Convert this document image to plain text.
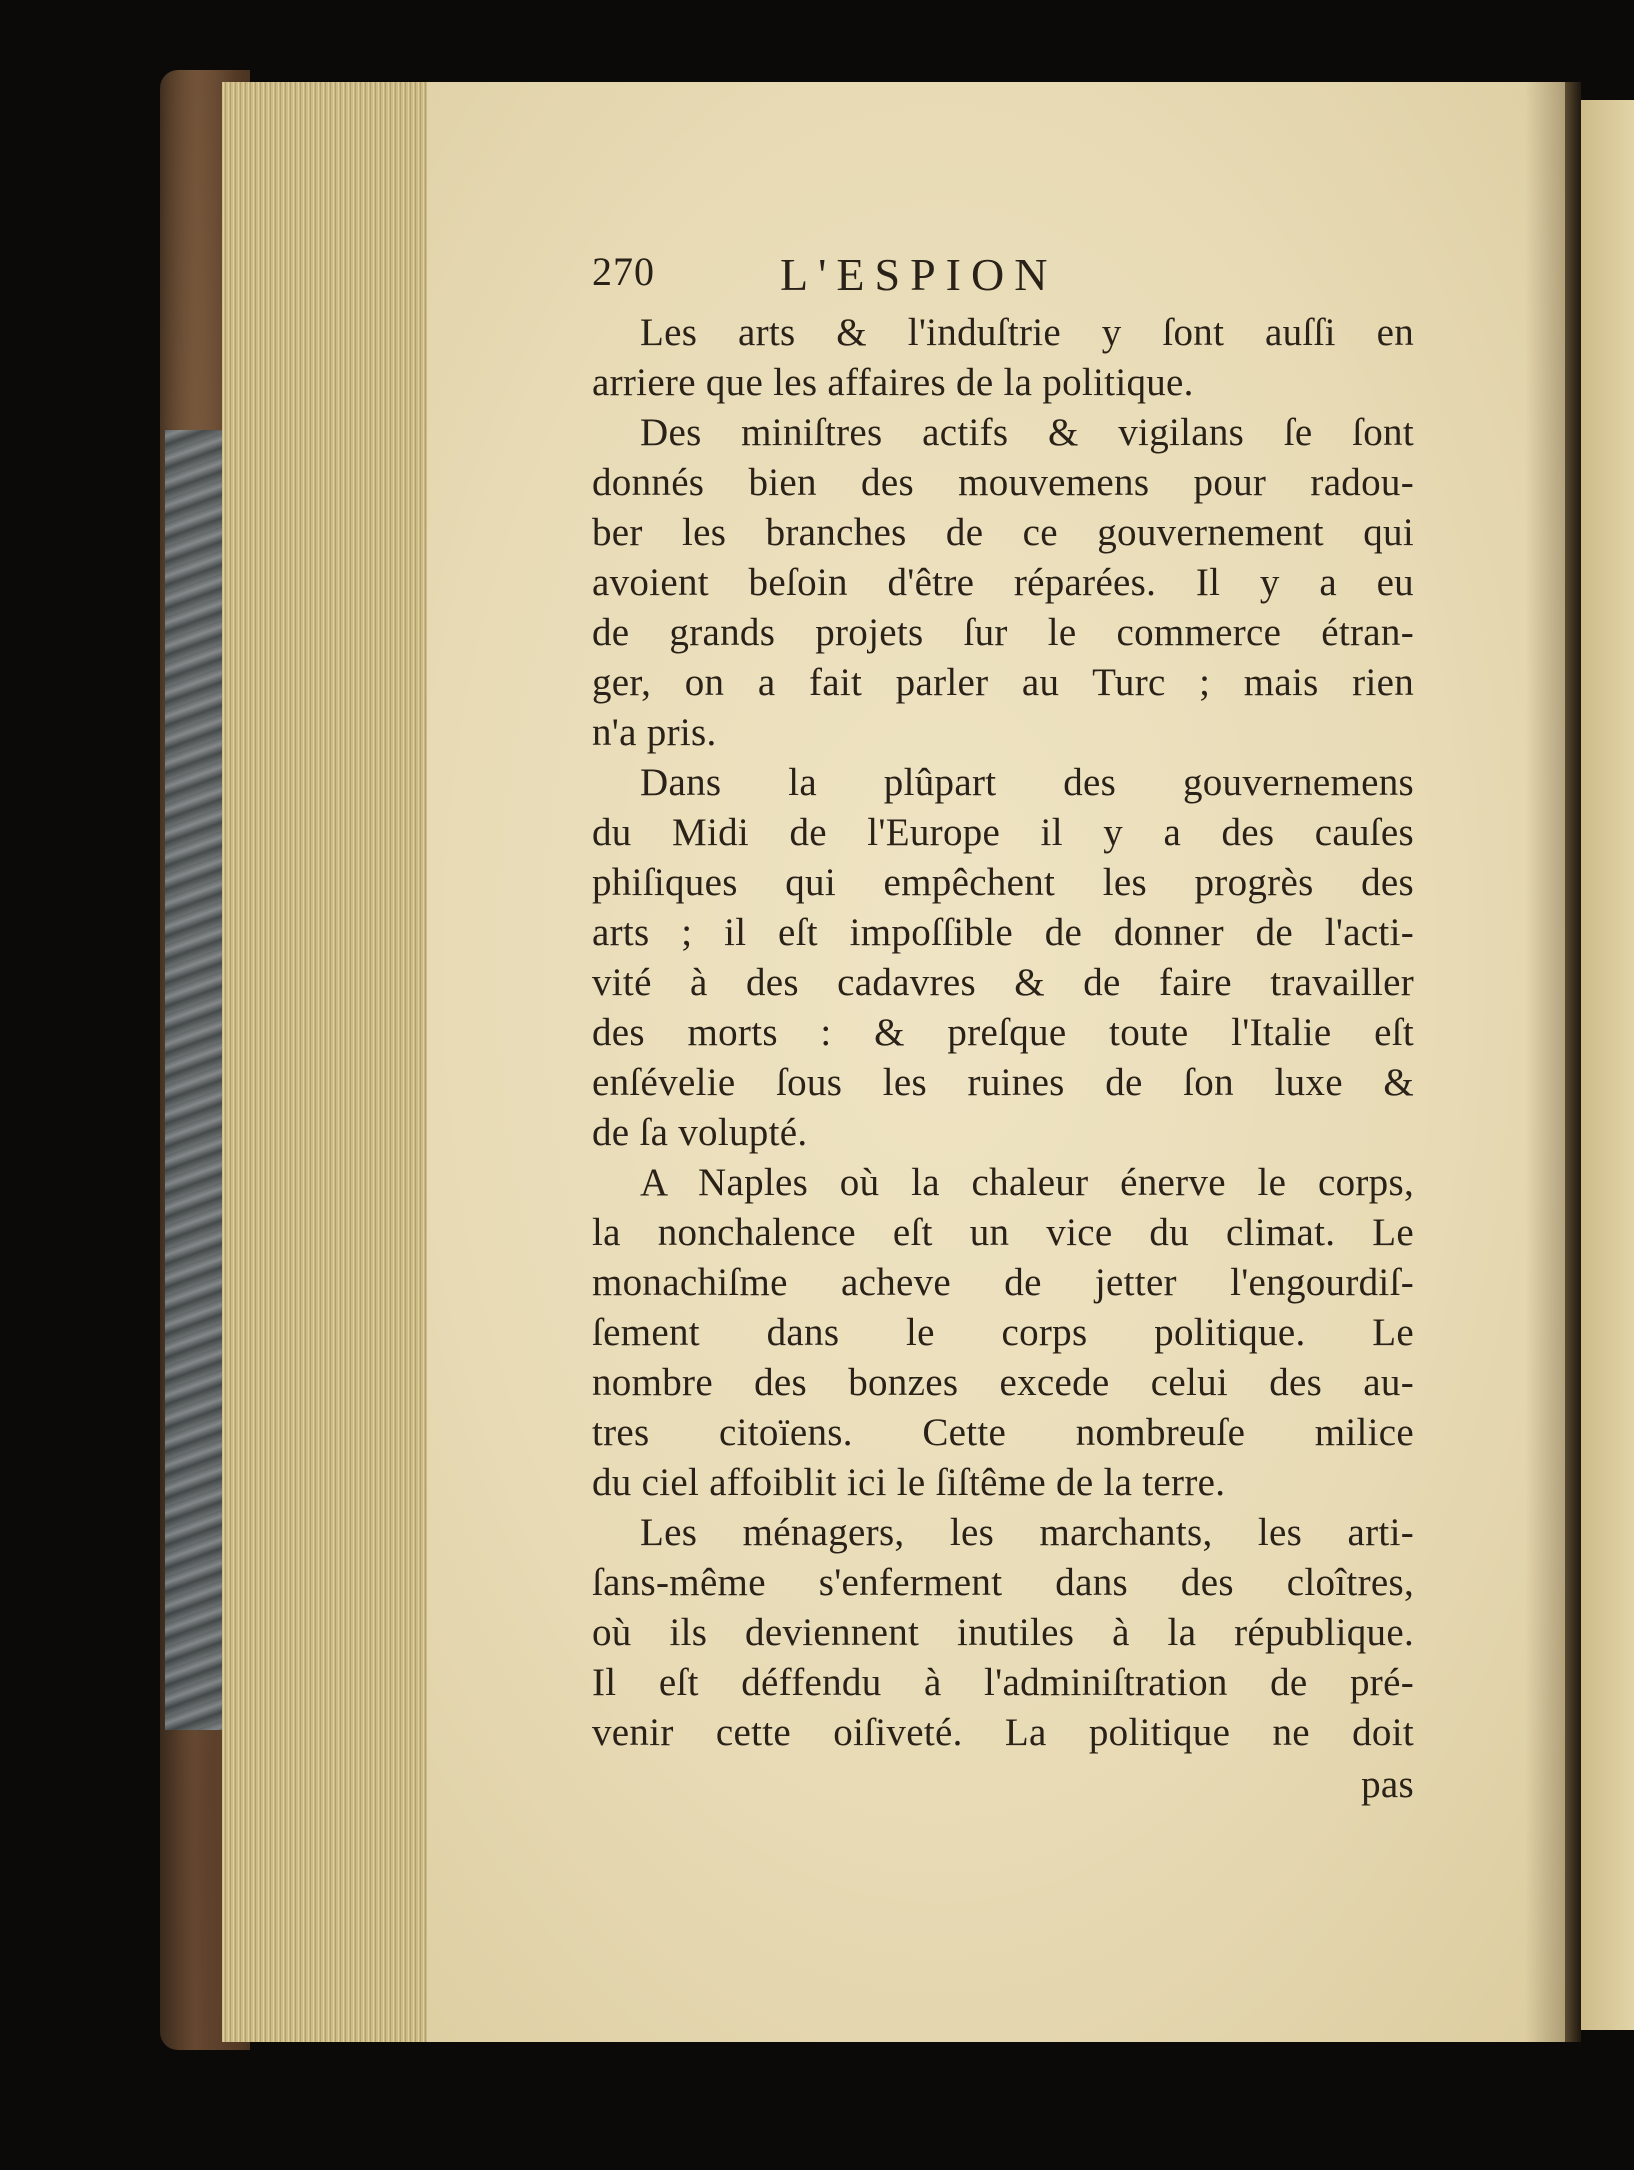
270	L'ESPION
Les arts & l'induſtrie y ſont auſſi en
arriere que les affaires de la politique.
Des miniſtres actifs & vigilans ſe ſont
donnés bien des mouvemens pour radou-
ber les branches de ce gouvernement qui
avoient beſoin d'être réparées. Il y a eu
de grands projets ſur le commerce étran-
ger, on a fait parler au Turc ; mais rien
n'a pris.
Dans la plûpart des gouvernemens
du Midi de l'Europe il y a des cauſes
phiſiques qui empêchent les progrès des
arts ; il eſt impoſſible de donner de l'acti-
vité à des cadavres & de faire travailler
des morts : & preſque toute l'Italie eſt
enſévelie ſous les ruines de ſon luxe &
de ſa volupté.
A Naples où la chaleur énerve le corps,
la nonchalence eſt un vice du climat. Le
monachiſme acheve de jetter l'engourdiſ-
ſement dans le corps politique. Le
nombre des bonzes excede celui des au-
tres citoïens. Cette nombreuſe milice
du ciel affoiblit ici le ſiſtême de la terre.
Les ménagers, les marchants, les arti-
ſans-même s'enferment dans des cloîtres,
où ils deviennent inutiles à la république.
Il eſt déffendu à l'adminiſtration de pré-
venir cette oiſiveté. La politique ne doit
pas
